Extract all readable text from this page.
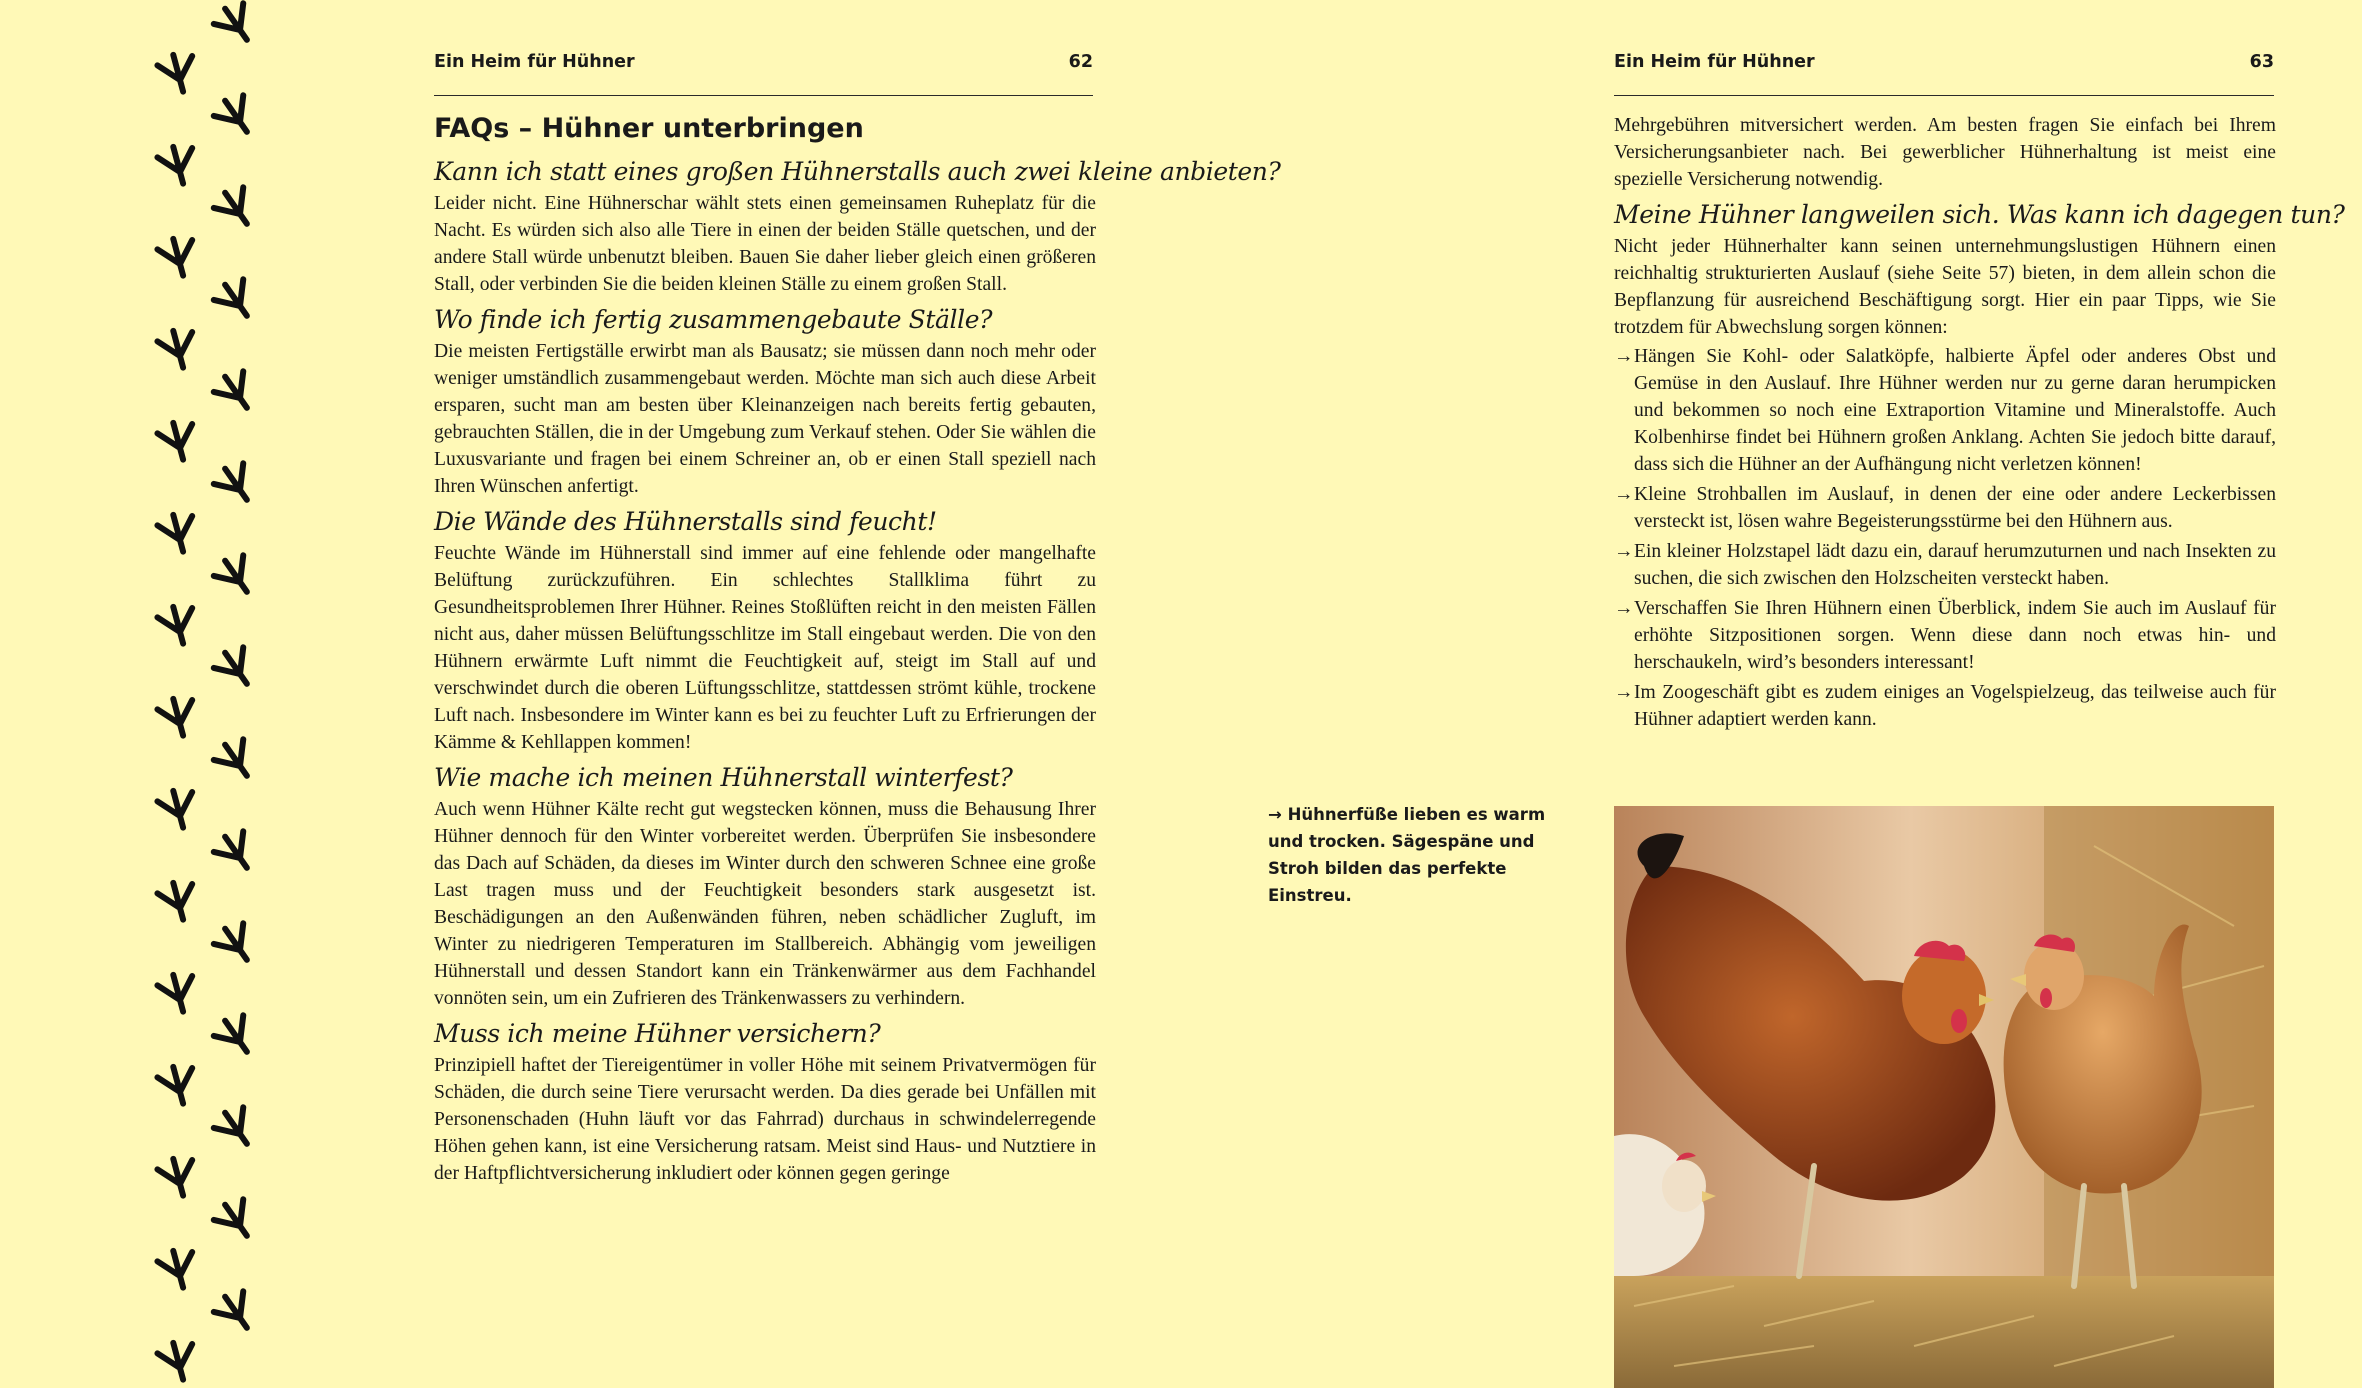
Ein Heim für Hühner	62
FAQs – Hühner unterbringen
Kann ich statt eines großen Hühnerstalls auch zwei kleine anbieten?

Leider nicht. Eine Hühnerschar wählt stets einen gemeinsamen Ruheplatz für die Nacht. Es würden sich also alle Tiere in einen der beiden Ställe quetschen, und der andere Stall würde unbenutzt bleiben. Bauen Sie daher lieber gleich einen größeren Stall, oder verbinden Sie die beiden kleinen Ställe zu einem großen Stall.

Wo finde ich fertig zusammengebaute Ställe?

Die meisten Fertigställe erwirbt man als Bausatz; sie müssen dann noch mehr oder weniger umständlich zusammengebaut werden. Möchte man sich auch diese Arbeit ersparen, sucht man am besten über Kleinanzeigen nach bereits fertig gebauten, gebrauchten Ställen, die in der Umgebung zum Verkauf stehen. Oder Sie wählen die Luxusvariante und fragen bei einem Schreiner an, ob er einen Stall speziell nach Ihren Wünschen anfertigt.

Die Wände des Hühnerstalls sind feucht!

Feuchte Wände im Hühnerstall sind immer auf eine fehlende oder mangelhafte Belüftung zurückzuführen. Ein schlechtes Stallklima führt zu Gesundheitsproblemen Ihrer Hühner. Reines Stoßlüften reicht in den meisten Fällen nicht aus, daher müssen Belüftungsschlitze im Stall eingebaut werden. Die von den Hühnern erwärmte Luft nimmt die Feuchtigkeit auf, steigt im Stall auf und verschwindet durch die oberen Lüftungsschlitze, stattdessen strömt kühle, trockene Luft nach. Insbesondere im Winter kann es bei zu feuchter Luft zu Erfrierungen der Kämme & Kehllappen kommen!

Wie mache ich meinen Hühnerstall winterfest?

Auch wenn Hühner Kälte recht gut wegstecken können, muss die Behausung Ihrer Hühner dennoch für den Winter vorbereitet werden. Überprüfen Sie insbesondere das Dach auf Schäden, da dieses im Winter durch den schweren Schnee eine große Last tragen muss und der Feuchtigkeit besonders stark ausgesetzt ist. Beschädigungen an den Außenwänden führen, neben schädlicher Zugluft, im Winter zu niedrigeren Temperaturen im Stallbereich. Abhängig vom jeweiligen Hühnerstall und dessen Standort kann ein Tränkenwärmer aus dem Fachhandel vonnöten sein, um ein Zufrieren des Tränkenwassers zu verhindern.

Muss ich meine Hühner versichern?

Prinzipiell haftet der Tiereigentümer in voller Höhe mit seinem Privatvermögen für Schäden, die durch seine Tiere verursacht werden. Da dies gerade bei Unfällen mit Personenschaden (Huhn läuft vor das Fahrrad) durchaus in schwindelerregende Höhen gehen kann, ist eine Versicherung ratsam. Meist sind Haus- und Nutztiere in der Haftpflichtversicherung inkludiert oder können gegen geringe

Ein Heim für Hühner	63

Mehrgebühren mitversichert werden. Am besten fragen Sie einfach bei Ihrem Versicherungsanbieter nach. Bei gewerblicher Hühnerhaltung ist meist eine spezielle Versicherung notwendig.

Meine Hühner langweilen sich. Was kann ich dagegen tun?

Nicht jeder Hühnerhalter kann seinen unternehmungslustigen Hühnern einen reichhaltig strukturierten Auslauf (siehe Seite 57) bieten, in dem allein schon die Bepflanzung für ausreichend Beschäftigung sorgt. Hier ein paar Tipps, wie Sie trotzdem für Abwechslung sorgen können:

→ Hängen Sie Kohl- oder Salatköpfe, halbierte Äpfel oder anderes Obst und Gemüse in den Auslauf. Ihre Hühner werden nur zu gerne daran herumpicken und bekommen so noch eine Extraportion Vitamine und Mineralstoffe. Auch Kolbenhirse findet bei Hühnern großen Anklang. Achten Sie jedoch bitte darauf, dass sich die Hühner an der Aufhängung nicht verletzen können!
→ Kleine Strohballen im Auslauf, in denen der eine oder andere Leckerbissen versteckt ist, lösen wahre Begeisterungsstürme bei den Hühnern aus.
→ Ein kleiner Holzstapel lädt dazu ein, darauf herumzuturnen und nach Insekten zu suchen, die sich zwischen den Holzscheiten versteckt haben.
→ Verschaffen Sie Ihren Hühnern einen Überblick, indem Sie auch im Auslauf für erhöhte Sitzpositionen sorgen. Wenn diese dann noch etwas hin- und herschaukeln, wird’s besonders interessant!
→ Im Zoogeschäft gibt es zudem einiges an Vogelspielzeug, das teilweise auch für Hühner adaptiert werden kann.
→ Hühnerfüße lieben es warm und trocken. Sägespäne und Stroh bilden das perfekte Einstreu.
